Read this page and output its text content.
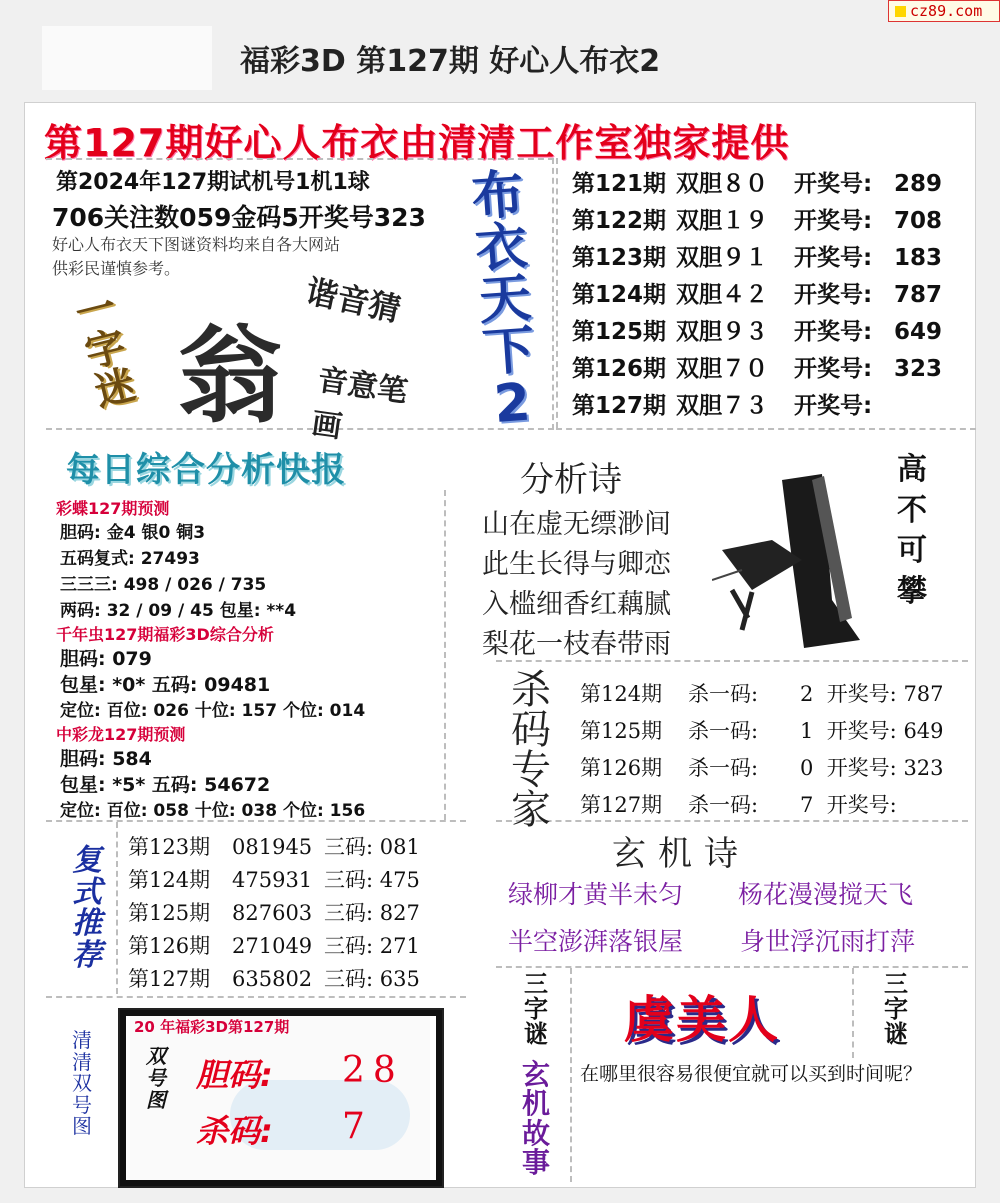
福彩3D 第127期 好心人布衣2
cz89.com
第127期好心人布衣由清清工作室独家提供
第2024年127期试机号1机1球
706关注数059金码5开奖号323
好心人布衣天下图谜资料均来自各大网站
供彩民谨慎参考。
一字迷 翁
谐音猜
音意笔画
布
衣
天
下
2
第121期 双胆８０ 开奖号: 289
第122期 双胆１９ 开奖号: 708
第123期 双胆９１ 开奖号: 183
第124期 双胆４２ 开奖号: 787
第125期 双胆９３ 开奖号: 649
第126期 双胆７０ 开奖号: 323
第127期 双胆７３ 开奖号:
每日综合分析快报
彩蝶127期预测
胆码: 金4 银0 铜3
五码复式: 27493
三三三: 498 / 026 / 735
两码: 32 / 09 / 45 包星: **4
千年虫127期福彩3D综合分析
胆码: 079
包星: *0* 五码: 09481
定位: 百位: 026 十位: 157 个位: 014
中彩龙127期预测
胆码: 584
包星: *5* 五码: 54672
定位: 百位: 058 十位: 038 个位: 156
分析诗
山在虚无缥渺间
此生长得与卿恋
入槛细香红藕腻
梨花一枝春带雨
高
不
可
攀
杀
码
专
家
第124期 杀一码: 2 开奖号: 787
第125期 杀一码: 1 开奖号: 649
第126期 杀一码: 0 开奖号: 323
第127期 杀一码: 7 开奖号:
复
式
推
荐
第123期 081945 三码: 081
第124期 475931 三码: 475
第125期 827603 三码: 827
第126期 271049 三码: 271
第127期 635802 三码: 635
玄机诗
绿柳才黄半未匀 杨花漫漫搅天飞
半空澎湃落银屋 身世浮沉雨打萍
三
字
谜
三
字
谜
玄
机
故
事
虞美人
在哪里很容易很便宜就可以买到时间呢？
清
清
双
号
图
20 年福彩3D第127期
双
号
图
胆码: 28
杀码: 7
